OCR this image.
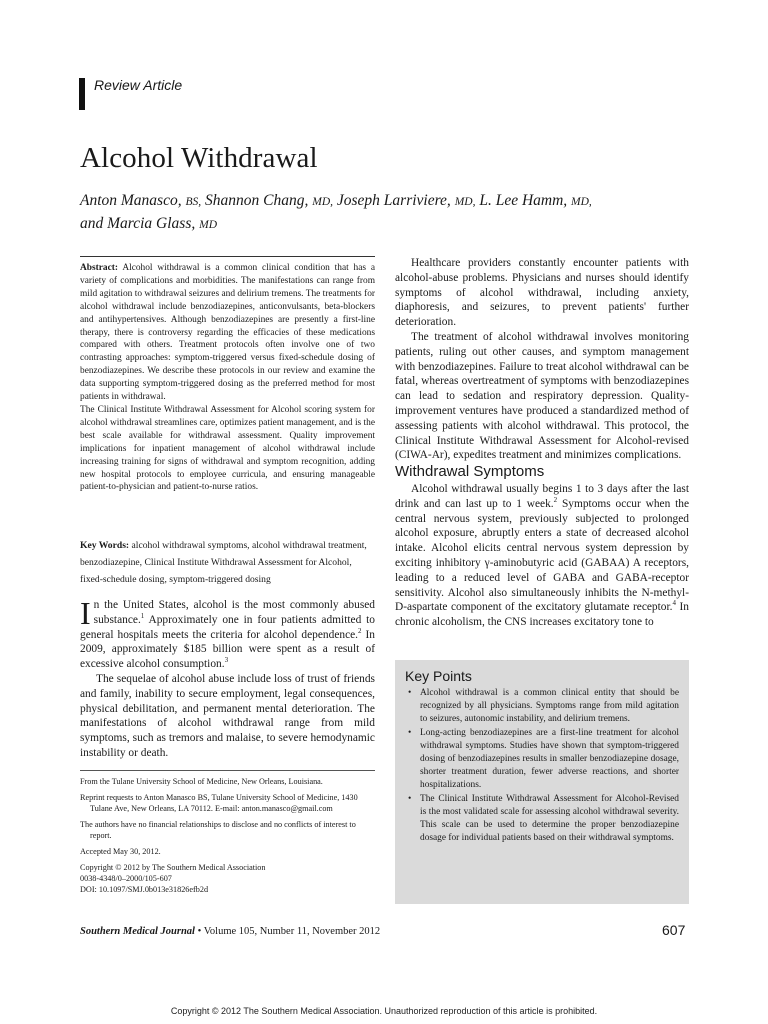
Review Article
Alcohol Withdrawal
Anton Manasco, BS, Shannon Chang, MD, Joseph Larriviere, MD, L. Lee Hamm, MD,
and Marcia Glass, MD

Abstract: Alcohol withdrawal is a common clinical condition that has a variety of complications and morbidities. The manifestations can range from mild agitation to withdrawal seizures and delirium tremens. The treatments for alcohol withdrawal include benzodiazepines, anticonvulsants, beta-blockers and antihypertensives. Although benzodiazepines are presently a first-line therapy, there is controversy regarding the efficacies of these medications compared with others. Treatment protocols often involve one of two contrasting approaches: symptom-triggered versus fixed-schedule dosing of benzodiazepines. We describe these protocols in our review and examine the data supporting symptom-triggered dosing as the preferred method for most patients in withdrawal.

The Clinical Institute Withdrawal Assessment for Alcohol scoring system for alcohol withdrawal streamlines care, optimizes patient management, and is the best scale available for withdrawal assessment. Quality improvement implications for inpatient management of alcohol withdrawal include increasing training for signs of withdrawal and symptom recognition, adding new hospital protocols to employee curricula, and ensuring manageable patient-to-physician and patient-to-nurse ratios.

Key Words: alcohol withdrawal symptoms, alcohol withdrawal treatment, benzodiazepine, Clinical Institute Withdrawal Assessment for Alcohol, fixed-schedule dosing, symptom-triggered dosing

In the United States, alcohol is the most commonly abused substance.$^1$ Approximately one in four patients admitted to general hospitals meets the criteria for alcohol dependence.$^2$ In 2009, approximately $185 billion were spent as a result of excessive alcohol consumption.$^3$

The sequelae of alcohol abuse include loss of trust of friends and family, inability to secure employment, legal consequences, physical debilitation, and permanent mental deterioration. The manifestations of alcohol withdrawal range from mild symptoms, such as tremors and malaise, to severe hemodynamic instability or death.

From the Tulane University School of Medicine, New Orleans, Louisiana.

Reprint requests to Anton Manasco BS, Tulane University School of Medicine, 1430 Tulane Ave, New Orleans, LA 70112. E-mail: anton.manasco@gmail.com

The authors have no financial relationships to disclose and no conflicts of interest to report.

Accepted May 30, 2012.

Copyright © 2012 by The Southern Medical Association

0038-4348/0–2000/105-607

DOI: 10.1097/SMJ.0b013e31826efb2d

Healthcare providers constantly encounter patients with alcohol-abuse problems. Physicians and nurses should identify symptoms of alcohol withdrawal, including anxiety, diaphoresis, and seizures, to prevent patients' further deterioration.

The treatment of alcohol withdrawal involves monitoring patients, ruling out other causes, and symptom management with benzodiazepines. Failure to treat alcohol withdrawal can be fatal, whereas overtreatment of symptoms with benzodiazepines can lead to sedation and respiratory depression. Quality-improvement ventures have produced a standardized method of assessing patients with alcohol withdrawal. This protocol, the Clinical Institute Withdrawal Assessment for Alcohol-revised (CIWA-Ar), expedites treatment and minimizes complications.

Withdrawal Symptoms

Alcohol withdrawal usually begins 1 to 3 days after the last drink and can last up to 1 week.$^2$ Symptoms occur when the central nervous system, previously subjected to prolonged alcohol exposure, abruptly enters a state of decreased alcohol intake. Alcohol elicits central nervous system depression by exciting inhibitory γ-aminobutyric acid (GABAA) A receptors, leading to a reduced level of GABA and GABA-receptor sensitivity. Alcohol also simultaneously inhibits the N-methyl-D-aspartate component of the excitatory glutamate receptor.$^4$ In chronic alcoholism, the CNS increases excitatory tone to

Key Points
• Alcohol withdrawal is a common clinical entity that should be recognized by all physicians. Symptoms range from mild agitation to seizures, autonomic instability, and delirium tremens.
• Long-acting benzodiazepines are a first-line treatment for alcohol withdrawal symptoms. Studies have shown that symptom-triggered dosing of benzodiazepines results in smaller benzodiazepine dosage, shorter treatment duration, fewer adverse reactions, and shorter hospitalizations.
• The Clinical Institute Withdrawal Assessment for Alcohol-Revised is the most validated scale for assessing alcohol withdrawal severity. This scale can be used to determine the proper benzodiazepine dosage for individual patients based on their withdrawal symptoms.
Southern Medical Journal • Volume 105, Number 11, November 2012	607
Copyright © 2012 The Southern Medical Association. Unauthorized reproduction of this article is prohibited.
